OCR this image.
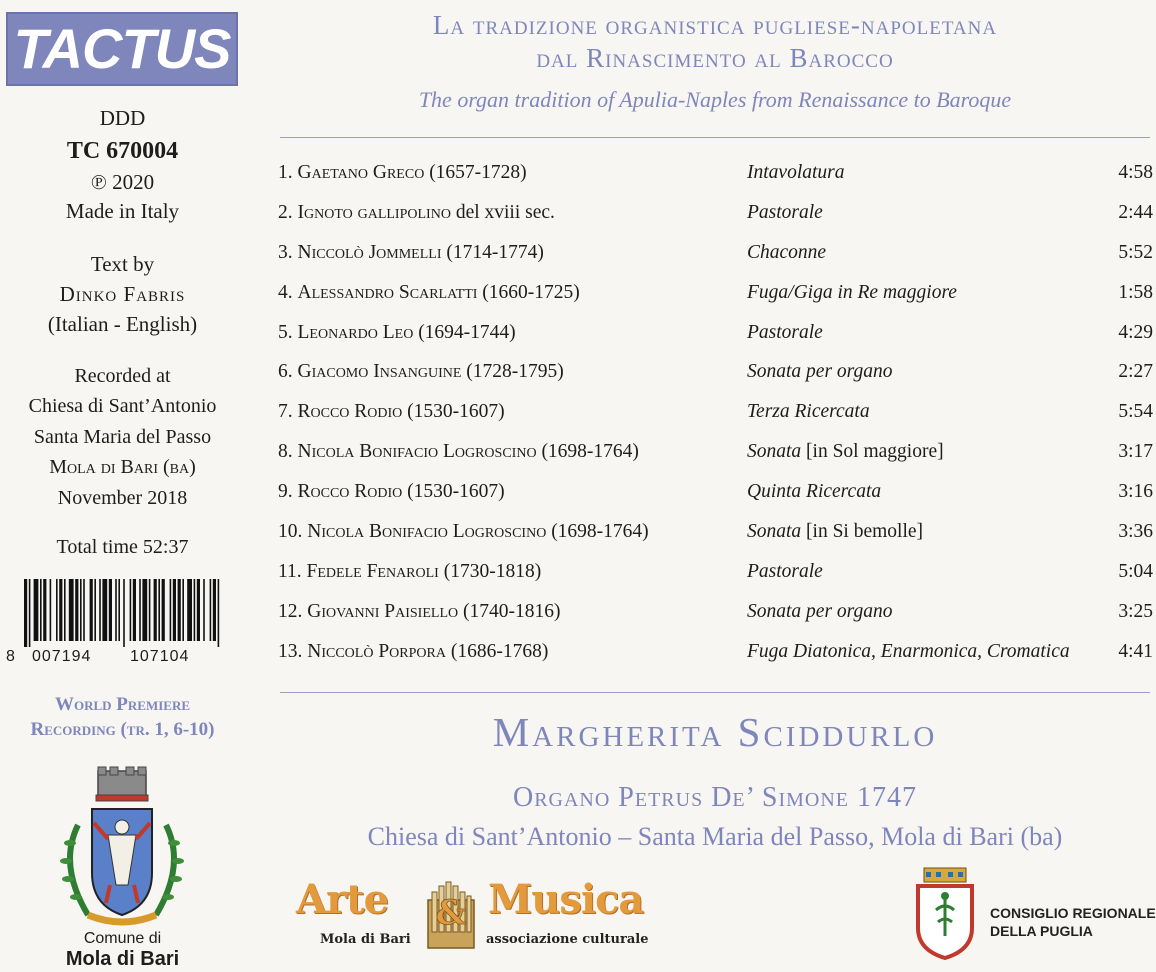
TACTUS
DDD
TC 670004
℗ 2020
Made in Italy
Text by
Dinko Fabris
(Italian - English)
Recorded at
Chiesa di Sant’Antonio
Santa Maria del Passo
Mola di Bari (ba)
November 2018
Total time 52:37
8 007194 107104
World Premiere
Recording (tr. 1, 6-10)
Comune di
Mola di Bari
La tradizione organistica pugliese-napoletana
dal Rinascimento al Barocco
The organ tradition of Apulia-Naples from Renaissance to Baroque
1. Gaetano Greco (1657-1728)	Intavolatura	4:58
2. Ignoto gallipolino del xviii sec.	Pastorale	2:44
3. Niccolò Jommelli (1714-1774)	Chaconne	5:52
4. Alessandro Scarlatti (1660-1725)	Fuga/Giga in Re maggiore	1:58
5. Leonardo Leo (1694-1744)	Pastorale	4:29
6. Giacomo Insanguine (1728-1795)	Sonata per organo	2:27
7. Rocco Rodio (1530-1607)	Terza Ricercata	5:54
8. Nicola Bonifacio Logroscino (1698-1764)	Sonata [in Sol maggiore]	3:17
9. Rocco Rodio (1530-1607)	Quinta Ricercata	3:16
10. Nicola Bonifacio Logroscino (1698-1764)	Sonata [in Si bemolle]	3:36
11. Fedele Fenaroli (1730-1818)	Pastorale	5:04
12. Giovanni Paisiello (1740-1816)	Sonata per organo	3:25
13. Niccolò Porpora (1686-1768)	Fuga Diatonica, Enarmonica, Cromatica 4:41
Margherita Sciddurlo
Organo Petrus De’ Simone 1747
Chiesa di Sant’Antonio – Santa Maria del Passo, Mola di Bari (ba)
Arte & Musica
Mola di Bari	associazione culturale
CONSIGLIO REGIONALE
DELLA PUGLIA
